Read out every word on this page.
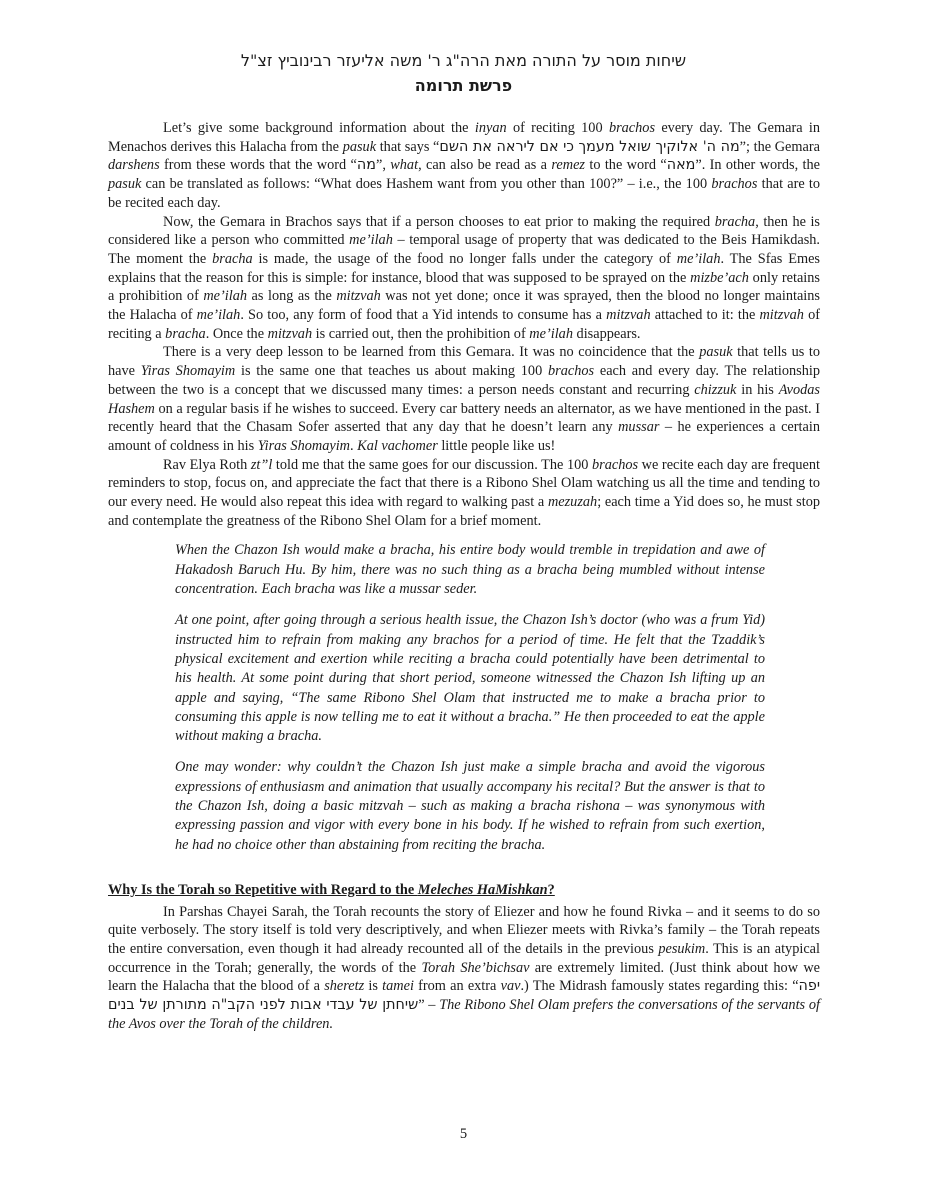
שיחות מוסר על התורה מאת הרה"ג ר' משה אליעזר רבינוביץ זצ"ל
פרשת תרומה

Let’s give some background information about the inyan of reciting 100 brachos every day. The Gemara in Menachos derives this Halacha from the pasuk that says “מה ה' אלוקיך שואל מעמך כי אם ליראה את השם”; the Gemara darshens from these words that the word “מה”, what, can also be read as a remez to the word “מאה”. In other words, the pasuk can be translated as follows: “What does Hashem want from you other than 100?” – i.e., the 100 brachos that are to be recited each day.

Now, the Gemara in Brachos says that if a person chooses to eat prior to making the required bracha, then he is considered like a person who committed me’ilah – temporal usage of property that was dedicated to the Beis Hamikdash. The moment the bracha is made, the usage of the food no longer falls under the category of me’ilah. The Sfas Emes explains that the reason for this is simple: for instance, blood that was supposed to be sprayed on the mizbe’ach only retains a prohibition of me’ilah as long as the mitzvah was not yet done; once it was sprayed, then the blood no longer maintains the Halacha of me’ilah. So too, any form of food that a Yid intends to consume has a mitzvah attached to it: the mitzvah of reciting a bracha. Once the mitzvah is carried out, then the prohibition of me’ilah disappears.

There is a very deep lesson to be learned from this Gemara. It was no coincidence that the pasuk that tells us to have Yiras Shomayim is the same one that teaches us about making 100 brachos each and every day. The relationship between the two is a concept that we discussed many times: a person needs constant and recurring chizzuk in his Avodas Hashem on a regular basis if he wishes to succeed. Every car battery needs an alternator, as we have mentioned in the past. I recently heard that the Chasam Sofer asserted that any day that he doesn’t learn any mussar – he experiences a certain amount of coldness in his Yiras Shomayim. Kal vachomer little people like us!

Rav Elya Roth zt”l told me that the same goes for our discussion. The 100 brachos we recite each day are frequent reminders to stop, focus on, and appreciate the fact that there is a Ribono Shel Olam watching us all the time and tending to our every need. He would also repeat this idea with regard to walking past a mezuzah; each time a Yid does so, he must stop and contemplate the greatness of the Ribono Shel Olam for a brief moment.

When the Chazon Ish would make a bracha, his entire body would tremble in trepidation and awe of Hakadosh Baruch Hu. By him, there was no such thing as a bracha being mumbled without intense concentration. Each bracha was like a mussar seder.

At one point, after going through a serious health issue, the Chazon Ish’s doctor (who was a frum Yid) instructed him to refrain from making any brachos for a period of time. He felt that the Tzaddik’s physical excitement and exertion while reciting a bracha could potentially have been detrimental to his health. At some point during that short period, someone witnessed the Chazon Ish lifting up an apple and saying, “The same Ribono Shel Olam that instructed me to make a bracha prior to consuming this apple is now telling me to eat it without a bracha.” He then proceeded to eat the apple without making a bracha.

One may wonder: why couldn’t the Chazon Ish just make a simple bracha and avoid the vigorous expressions of enthusiasm and animation that usually accompany his recital? But the answer is that to the Chazon Ish, doing a basic mitzvah – such as making a bracha rishona – was synonymous with expressing passion and vigor with every bone in his body. If he wished to refrain from such exertion, he had no choice other than abstaining from reciting the bracha.

Why Is the Torah so Repetitive with Regard to the Meleches HaMishkan?

In Parshas Chayei Sarah, the Torah recounts the story of Eliezer and how he found Rivka – and it seems to do so quite verbosely. The story itself is told very descriptively, and when Eliezer meets with Rivka’s family – the Torah repeats the entire conversation, even though it had already recounted all of the details in the previous pesukim. This is an atypical occurrence in the Torah; generally, the words of the Torah She’bichsav are extremely limited. (Just think about how we learn the Halacha that the blood of a sheretz is tamei from an extra vav.) The Midrash famously states regarding this: “יפה שיחתן של עבדי אבות לפני הקב"ה מתורתן של בנים” – The Ribono Shel Olam prefers the conversations of the servants of the Avos over the Torah of the children.

5
